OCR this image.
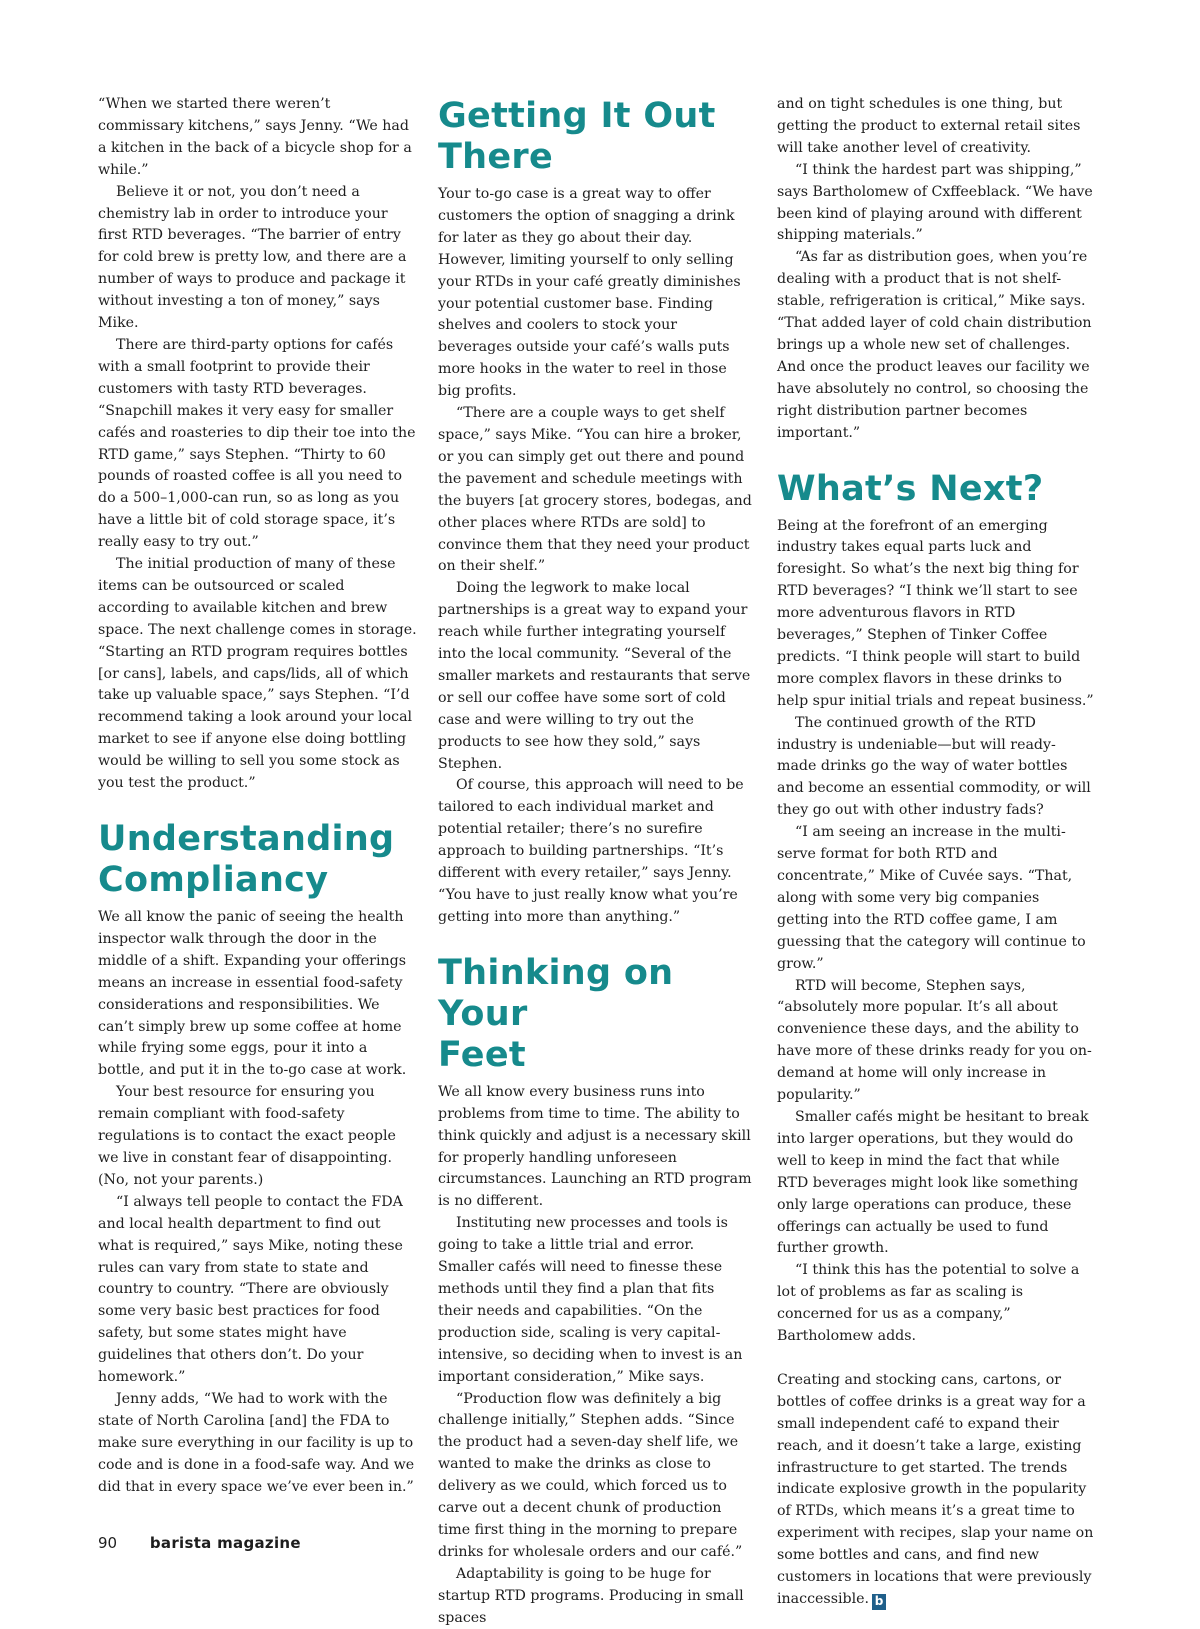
“When we started there weren’t commissary kitchens,” says Jenny. “We had a kitchen in the back of a bicycle shop for a while.”

Believe it or not, you don’t need a chemistry lab in order to introduce your first RTD beverages. “The barrier of entry for cold brew is pretty low, and there are a number of ways to produce and package it without investing a ton of money,” says Mike.

There are third-party options for cafés with a small footprint to provide their customers with tasty RTD beverages. “Snapchill makes it very easy for smaller cafés and roasteries to dip their toe into the RTD game,” says Stephen. “Thirty to 60 pounds of roasted coffee is all you need to do a 500–1,000-can run, so as long as you have a little bit of cold storage space, it’s really easy to try out.”

The initial production of many of these items can be outsourced or scaled according to available kitchen and brew space. The next challenge comes in storage. “Starting an RTD program requires bottles [or cans], labels, and caps/lids, all of which take up valuable space,” says Stephen. “I’d recommend taking a look around your local market to see if anyone else doing bottling would be willing to sell you some stock as you test the product.”

Understanding
Compliancy

We all know the panic of seeing the health inspector walk through the door in the middle of a shift. Expanding your offerings means an increase in essential food-safety considerations and responsibilities. We can’t simply brew up some coffee at home while frying some eggs, pour it into a bottle, and put it in the to-go case at work.

Your best resource for ensuring you remain compliant with food-safety regulations is to contact the exact people we live in constant fear of disappointing. (No, not your parents.)

“I always tell people to contact the FDA and local health department to find out what is required,” says Mike, noting these rules can vary from state to state and country to country. “There are obviously some very basic best practices for food safety, but some states might have guidelines that others don’t. Do your homework.”

Jenny adds, “We had to work with the state of North Carolina [and] the FDA to make sure everything in our facility is up to code and is done in a food-safe way. And we did that in every space we’ve ever been in.”

Getting It Out
There

Your to-go case is a great way to offer customers the option of snagging a drink for later as they go about their day. However, limiting yourself to only selling your RTDs in your café greatly diminishes your potential customer base. Finding shelves and coolers to stock your beverages outside your café’s walls puts more hooks in the water to reel in those big profits.

“There are a couple ways to get shelf space,” says Mike. “You can hire a broker, or you can simply get out there and pound the pavement and schedule meetings with the buyers [at grocery stores, bodegas, and other places where RTDs are sold] to convince them that they need your product on their shelf.”

Doing the legwork to make local partnerships is a great way to expand your reach while further integrating yourself into the local community. “Several of the smaller markets and restaurants that serve or sell our coffee have some sort of cold case and were willing to try out the products to see how they sold,” says Stephen.

Of course, this approach will need to be tailored to each individual market and potential retailer; there’s no surefire approach to building partnerships. “It’s different with every retailer,” says Jenny. “You have to just really know what you’re getting into more than anything.”

Thinking on Your
Feet

We all know every business runs into problems from time to time. The ability to think quickly and adjust is a necessary skill for properly handling unforeseen circumstances. Launching an RTD program is no different.

Instituting new processes and tools is going to take a little trial and error. Smaller cafés will need to finesse these methods until they find a plan that fits their needs and capabilities. “On the production side, scaling is very capital-intensive, so deciding when to invest is an important consideration,” Mike says.

“Production flow was definitely a big challenge initially,” Stephen adds. “Since the product had a seven-day shelf life, we wanted to make the drinks as close to delivery as we could, which forced us to carve out a decent chunk of production time first thing in the morning to prepare drinks for wholesale orders and our café.”

Adaptability is going to be huge for startup RTD programs. Producing in small spaces

and on tight schedules is one thing, but getting the product to external retail sites will take another level of creativity.

“I think the hardest part was shipping,” says Bartholomew of Cxffeeblack. “We have been kind of playing around with different shipping materials.”

“As far as distribution goes, when you’re dealing with a product that is not shelf-stable, refrigeration is critical,” Mike says. “That added layer of cold chain distribution brings up a whole new set of challenges. And once the product leaves our facility we have absolutely no control, so choosing the right distribution partner becomes important.”

What’s Next?

Being at the forefront of an emerging industry takes equal parts luck and foresight. So what’s the next big thing for RTD beverages? “I think we’ll start to see more adventurous flavors in RTD beverages,” Stephen of Tinker Coffee predicts. “I think people will start to build more complex flavors in these drinks to help spur initial trials and repeat business.”

The continued growth of the RTD industry is undeniable—but will ready-made drinks go the way of water bottles and become an essential commodity, or will they go out with other industry fads?

“I am seeing an increase in the multi-serve format for both RTD and concentrate,” Mike of Cuvée says. “That, along with some very big companies getting into the RTD coffee game, I am guessing that the category will continue to grow.”

RTD will become, Stephen says, “absolutely more popular. It’s all about convenience these days, and the ability to have more of these drinks ready for you on-demand at home will only increase in popularity.”

Smaller cafés might be hesitant to break into larger operations, but they would do well to keep in mind the fact that while RTD beverages might look like something only large operations can produce, these offerings can actually be used to fund further growth.

“I think this has the potential to solve a lot of problems as far as scaling is concerned for us as a company,” Bartholomew adds.

Creating and stocking cans, cartons, or bottles of coffee drinks is a great way for a small independent café to expand their reach, and it doesn’t take a large, existing infrastructure to get started. The trends indicate explosive growth in the popularity of RTDs, which means it’s a great time to experiment with recipes, slap your name on some bottles and cans, and find new customers in locations that were previously inaccessible. b

90 barista magazine
